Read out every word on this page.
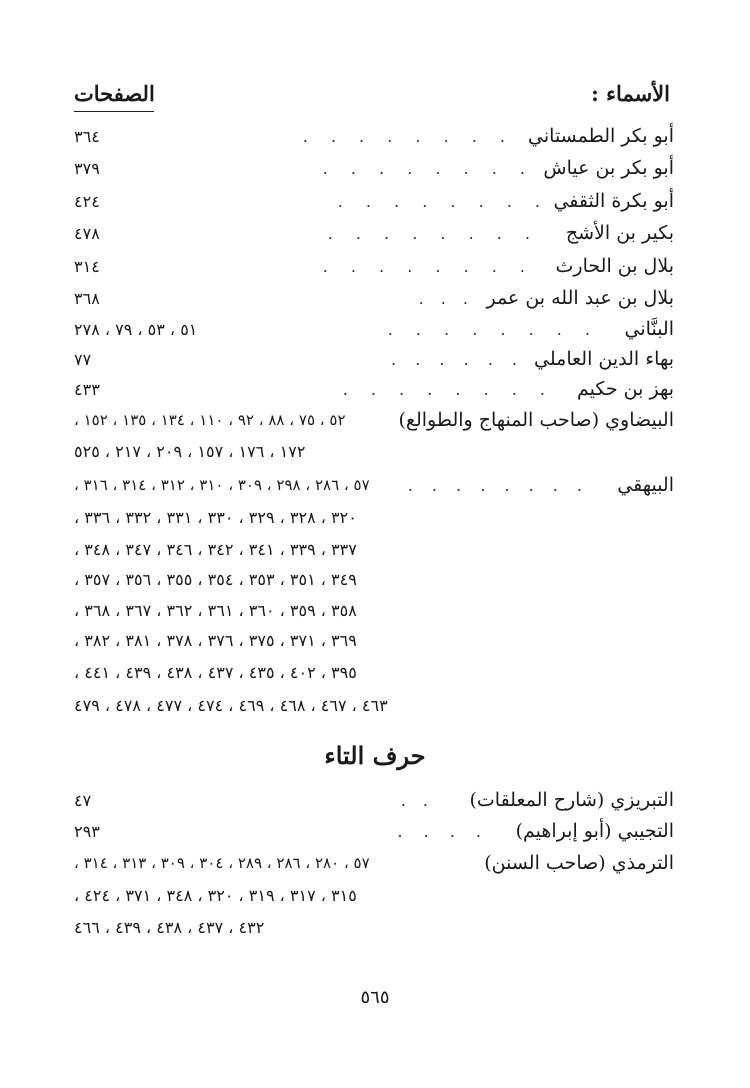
الأسماء :
الصفحات
أبو بكر الطمستاني
. . . . . . . .
٣٦٤
أبو بكر بن عياش
. . . . . . . .
٣٧٩
أبو بكرة الثقفي
. . . . . . . .
٤٢٤
بكير بن الأشج
. . . . . . . .
٤٧٨
بلال بن الحارث
. . . . . . . .
٣١٤
بلال بن عبد الله بن عمر
. . .
٣٦٨
البنَّاني
. . . . . . . .
٥١ ، ٥٣ ، ٧٩ ، ٢٧٨
بهاء الدين العاملي
. . . . . .
٧٧
بهز بن حكيم
. . . . . . . .
٤٣٣
البيضاوي (صاحب المنهاج والطوالع)
٥٢ ، ٧٥ ، ٨٨ ، ٩٢ ، ١١٠ ، ١٣٤ ، ١٣٥ ، ١٥٢ ،
١٧٢ ، ١٧٦ ، ١٥٧ ، ٢٠٩ ، ٢١٧ ، ٥٢٥
البيهقي
. . . . . . . .
٥٧ ، ٢٨٦ ، ٢٩٨ ، ٣٠٩ ، ٣١٠ ، ٣١٢ ، ٣١٤ ، ٣١٦ ،
٣٢٠ ، ٣٢٨ ، ٣٢٩ ، ٣٣٠ ، ٣٣١ ، ٣٣٢ ، ٣٣٦ ،
٣٣٧ ، ٣٣٩ ، ٣٤١ ، ٣٤٢ ، ٣٤٦ ، ٣٤٧ ، ٣٤٨ ،
٣٤٩ ، ٣٥١ ، ٣٥٣ ، ٣٥٤ ، ٣٥٥ ، ٣٥٦ ، ٣٥٧ ،
٣٥٨ ، ٣٥٩ ، ٣٦٠ ، ٣٦١ ، ٣٦٢ ، ٣٦٧ ، ٣٦٨ ،
٣٦٩ ، ٣٧١ ، ٣٧٥ ، ٣٧٦ ، ٣٧٨ ، ٣٨١ ، ٣٨٢ ،
٣٩٥ ، ٤٠٢ ، ٤٣٥ ، ٤٣٧ ، ٤٣٨ ، ٤٣٩ ، ٤٤١ ،
٤٦٣ ، ٤٦٧ ، ٤٦٨ ، ٤٦٩ ، ٤٧٤ ، ٤٧٧ ، ٤٧٨ ، ٤٧٩
حرف التاء
التبريزي (شارح المعلقات)
. .
٤٧
التجيبي (أبو إبراهيم)
. . . .
٢٩٣
الترمذي (صاحب السنن)
٥٧ ، ٢٨٠ ، ٢٨٦ ، ٢٨٩ ، ٣٠٤ ، ٣٠٩ ، ٣١٣ ، ٣١٤ ،
٣١٥ ، ٣١٧ ، ٣١٩ ، ٣٢٠ ، ٣٤٨ ، ٣٧١ ، ٤٢٤ ،
٤٣٢ ، ٤٣٧ ، ٤٣٨ ، ٤٣٩ ، ٤٦٦
٥٦٥
